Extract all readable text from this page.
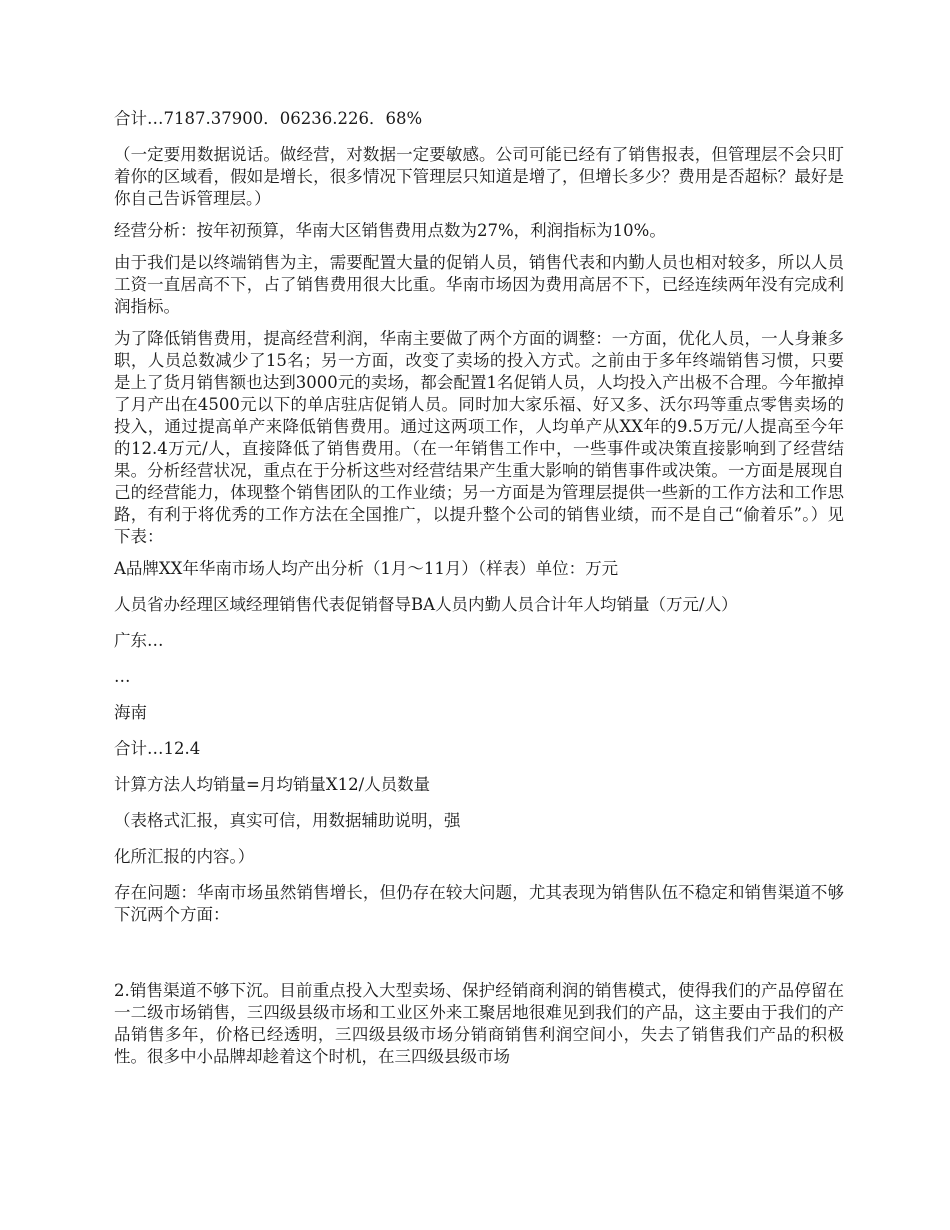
合计…7187.37900．06236.226．68%

（一定要用数据说话。做经营，对数据一定要敏感。公司可能已经有了销售报表，但管理层不会只盯着你的区域看，假如是增长，很多情况下管理层只知道是增了，但增长多少？费用是否超标？最好是你自己告诉管理层。）

经营分析：按年初预算，华南大区销售费用点数为27%，利润指标为10%。

由于我们是以终端销售为主，需要配置大量的促销人员，销售代表和内勤人员也相对较多，所以人员工资一直居高不下，占了销售费用很大比重。华南市场因为费用高居不下，已经连续两年没有完成利润指标。

为了降低销售费用，提高经营利润，华南主要做了两个方面的调整：一方面，优化人员，一人身兼多职，人员总数减少了15名；另一方面，改变了卖场的投入方式。之前由于多年终端销售习惯，只要是上了货月销售额也达到3000元的卖场，都会配置1名促销人员，人均投入产出极不合理。今年撤掉了月产出在4500元以下的单店驻店促销人员。同时加大家乐福、好又多、沃尔玛等重点零售卖场的投入，通过提高单产来降低销售费用。通过这两项工作，人均单产从XX年的9.5万元/人提高至今年的12.4万元/人，直接降低了销售费用。（在一年销售工作中，一些事件或决策直接影响到了经营结果。分析经营状况，重点在于分析这些对经营结果产生重大影响的销售事件或决策。一方面是展现自己的经营能力，体现整个销售团队的工作业绩；另一方面是为管理层提供一些新的工作方法和工作思路，有利于将优秀的工作方法在全国推广，以提升整个公司的销售业绩，而不是自己“偷着乐”。）见下表：

A品牌XX年华南市场人均产出分析（1月～11月）（样表）单位：万元

人员省办经理区域经理销售代表促销督导BA人员内勤人员合计年人均销量（万元/人）

广东…

…

海南

合计…12.4

计算方法人均销量=月均销量X12/人员数量

（表格式汇报，真实可信，用数据辅助说明，强

化所汇报的内容。）

存在问题：华南市场虽然销售增长，但仍存在较大问题，尤其表现为销售队伍不稳定和销售渠道不够下沉两个方面：

2.销售渠道不够下沉。目前重点投入大型卖场、保护经销商利润的销售模式，使得我们的产品停留在一二级市场销售，三四级县级市场和工业区外来工聚居地很难见到我们的产品，这主要由于我们的产品销售多年，价格已经透明，三四级县级市场分销商销售利润空间小，失去了销售我们产品的积极性。很多中小品牌却趁着这个时机，在三四级县级市场
